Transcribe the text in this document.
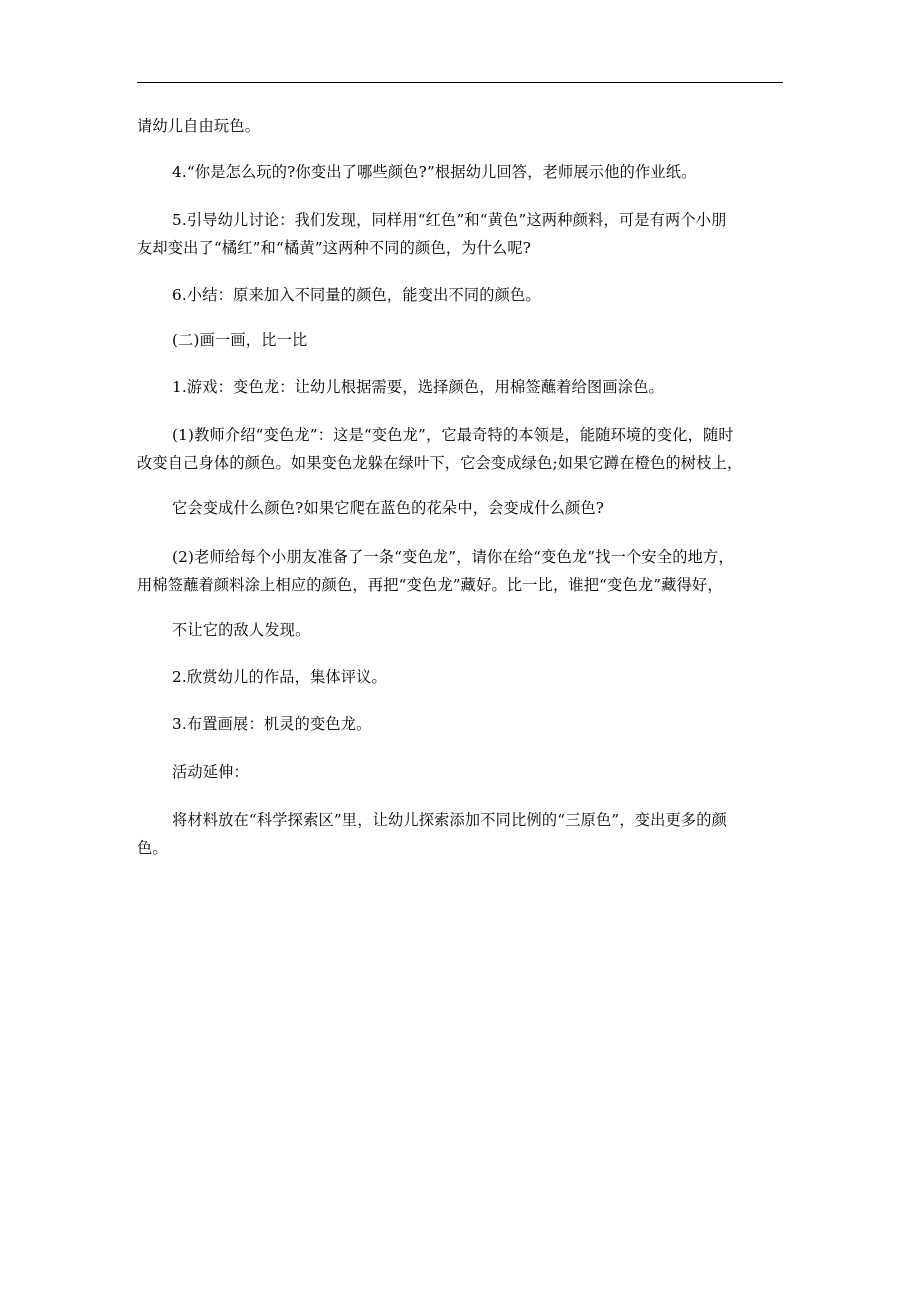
请幼儿自由玩色。

4.“你是怎么玩的?你变出了哪些颜色?”根据幼儿回答，老师展示他的作业纸。

5.引导幼儿讨论：我们发现，同样用“红色”和“黄色”这两种颜料，可是有两个小朋
友却变出了“橘红”和“橘黄”这两种不同的颜色，为什么呢?

6.小结：原来加入不同量的颜色，能变出不同的颜色。

(二)画一画，比一比

1.游戏：变色龙：让幼儿根据需要，选择颜色，用棉签蘸着给图画涂色。

(1)教师介绍“变色龙”：这是“变色龙”，它最奇特的本领是，能随环境的变化，随时
改变自己身体的颜色。如果变色龙躲在绿叶下，它会变成绿色;如果它蹲在橙色的树枝上，

它会变成什么颜色?如果它爬在蓝色的花朵中，会变成什么颜色?

(2)老师给每个小朋友准备了一条“变色龙”，请你在给“变色龙”找一个安全的地方，
用棉签蘸着颜料涂上相应的颜色，再把“变色龙”藏好。比一比，谁把“变色龙”藏得好，

不让它的敌人发现。

2.欣赏幼儿的作品，集体评议。

3.布置画展：机灵的变色龙。

活动延伸：

将材料放在“科学探索区”里，让幼儿探索添加不同比例的“三原色”，变出更多的颜
色。
